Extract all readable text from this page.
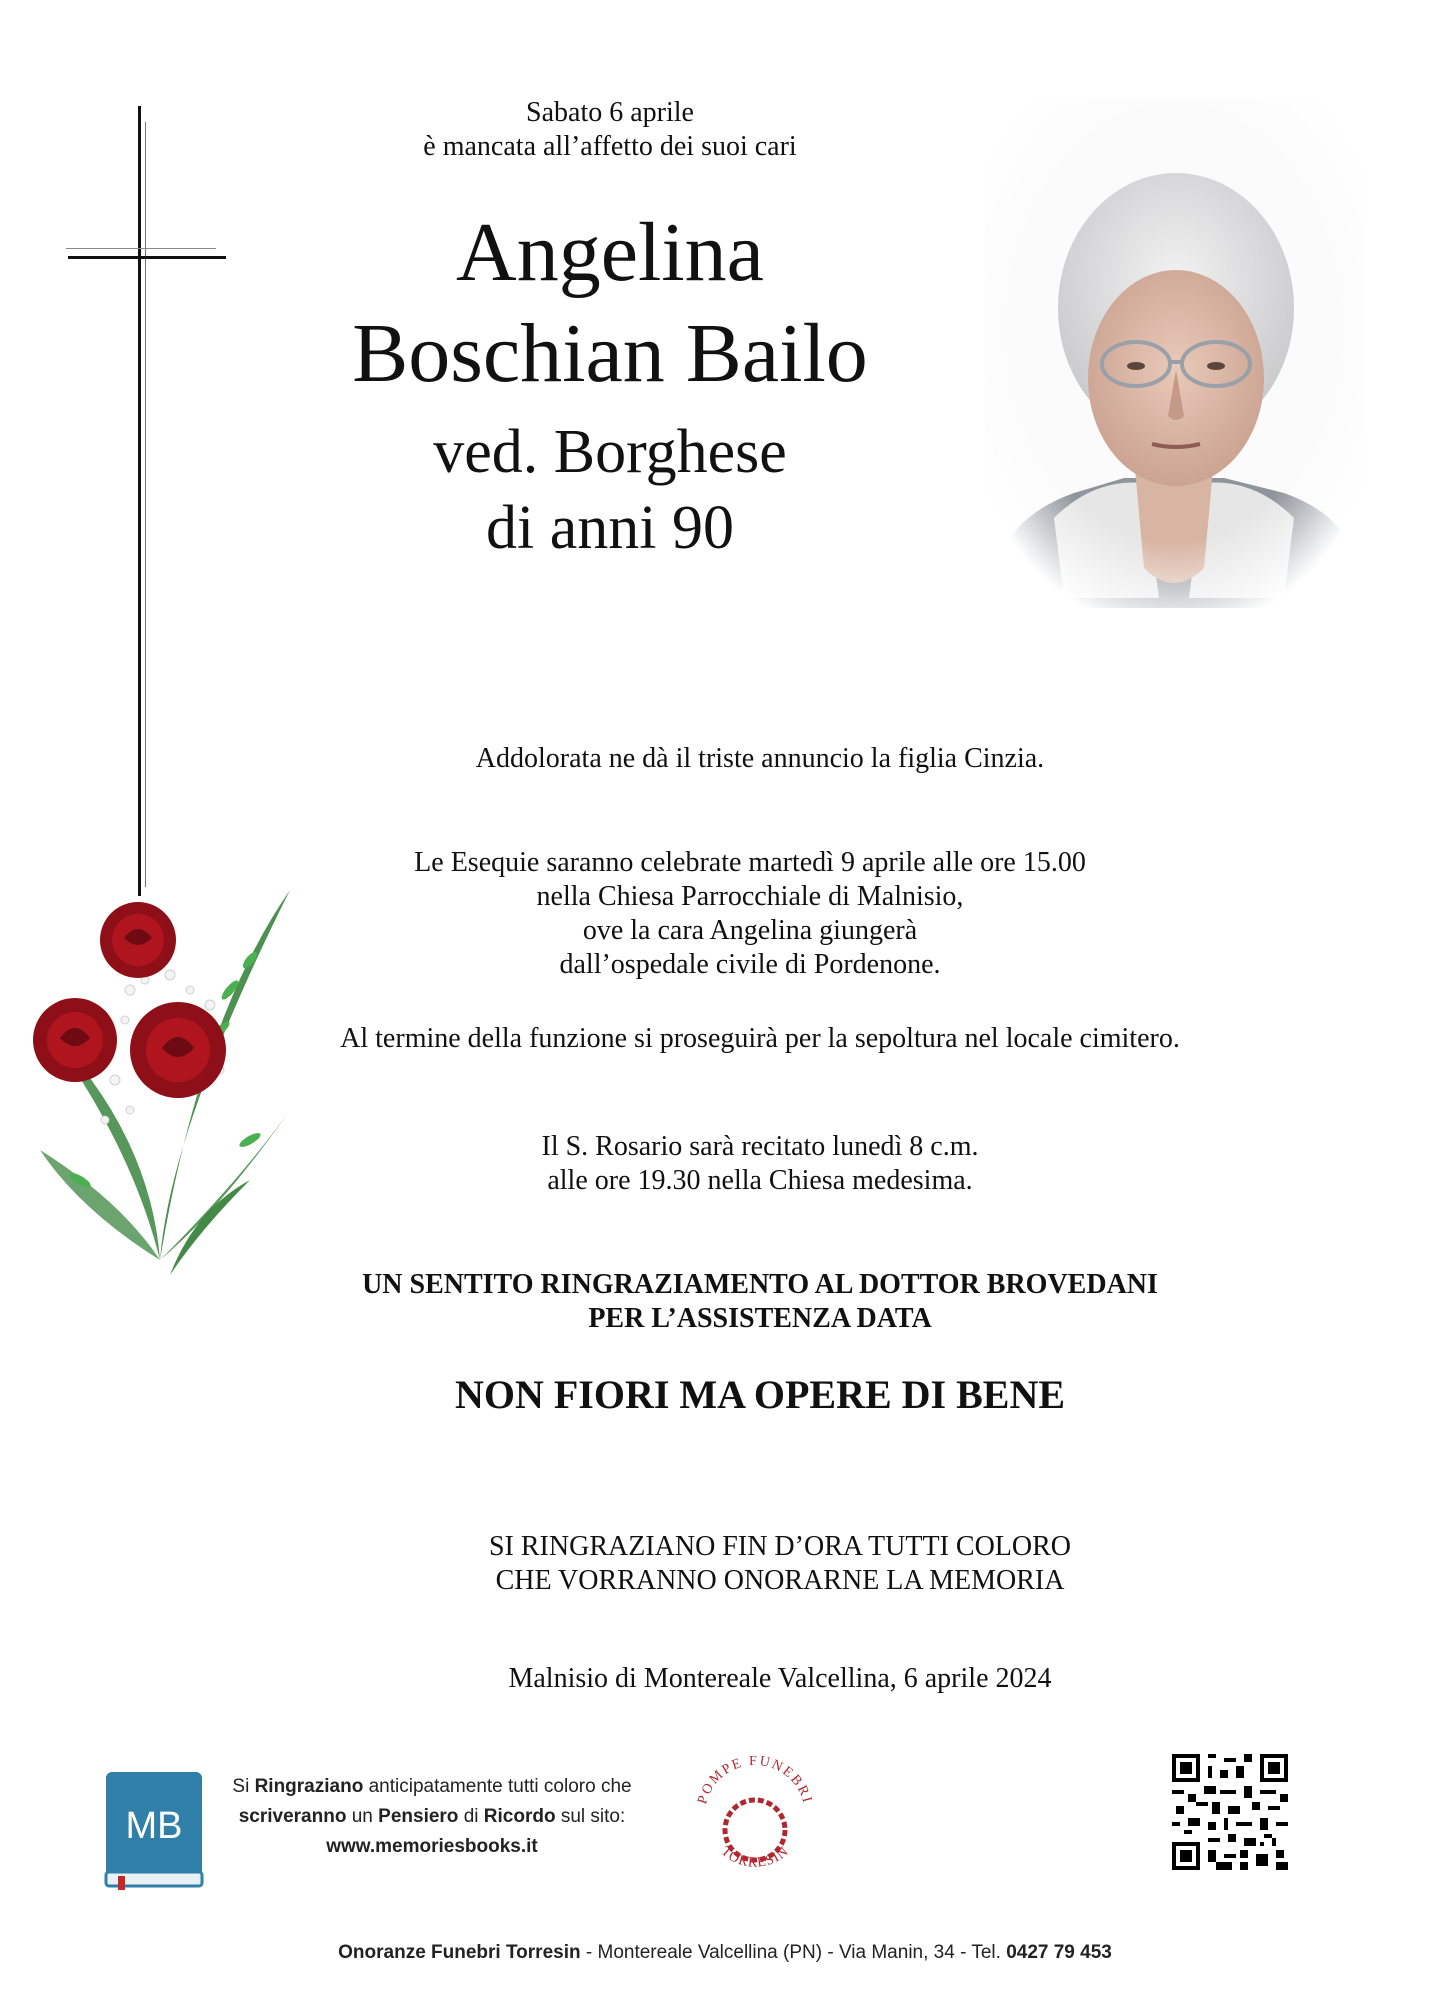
Sabato 6 aprile
è mancata all’affetto dei suoi cari
Angelina
Boschian Bailo
ved. Borghese
di anni 90
Addolorata ne dà il triste annuncio la figlia Cinzia.
Le Esequie saranno celebrate martedì 9 aprile alle ore 15.00
nella Chiesa Parrocchiale di Malnisio,
ove la cara Angelina giungerà
dall’ospedale civile di Pordenone.
Al termine della funzione si proseguirà per la sepoltura nel locale cimitero.
Il S. Rosario sarà recitato lunedì 8 c.m.
alle ore 19.30 nella Chiesa medesima.
UN SENTITO RINGRAZIAMENTO AL DOTTOR BROVEDANI
PER L’ASSISTENZA DATA
NON FIORI MA OPERE DI BENE
SI RINGRAZIANO FIN D’ORA TUTTI COLORO
CHE VORRANNO ONORARNE LA MEMORIA
Malnisio di Montereale Valcellina, 6 aprile 2024
MB
Si Ringraziano anticipatamente tutti coloro che
scriveranno un Pensiero di Ricordo sul sito:
www.memoriesbooks.it
POMPE FUNEBRI
TORRESIN
Onoranze Funebri Torresin - Montereale Valcellina (PN) - Via Manin, 34 - Tel. 0427 79 453
